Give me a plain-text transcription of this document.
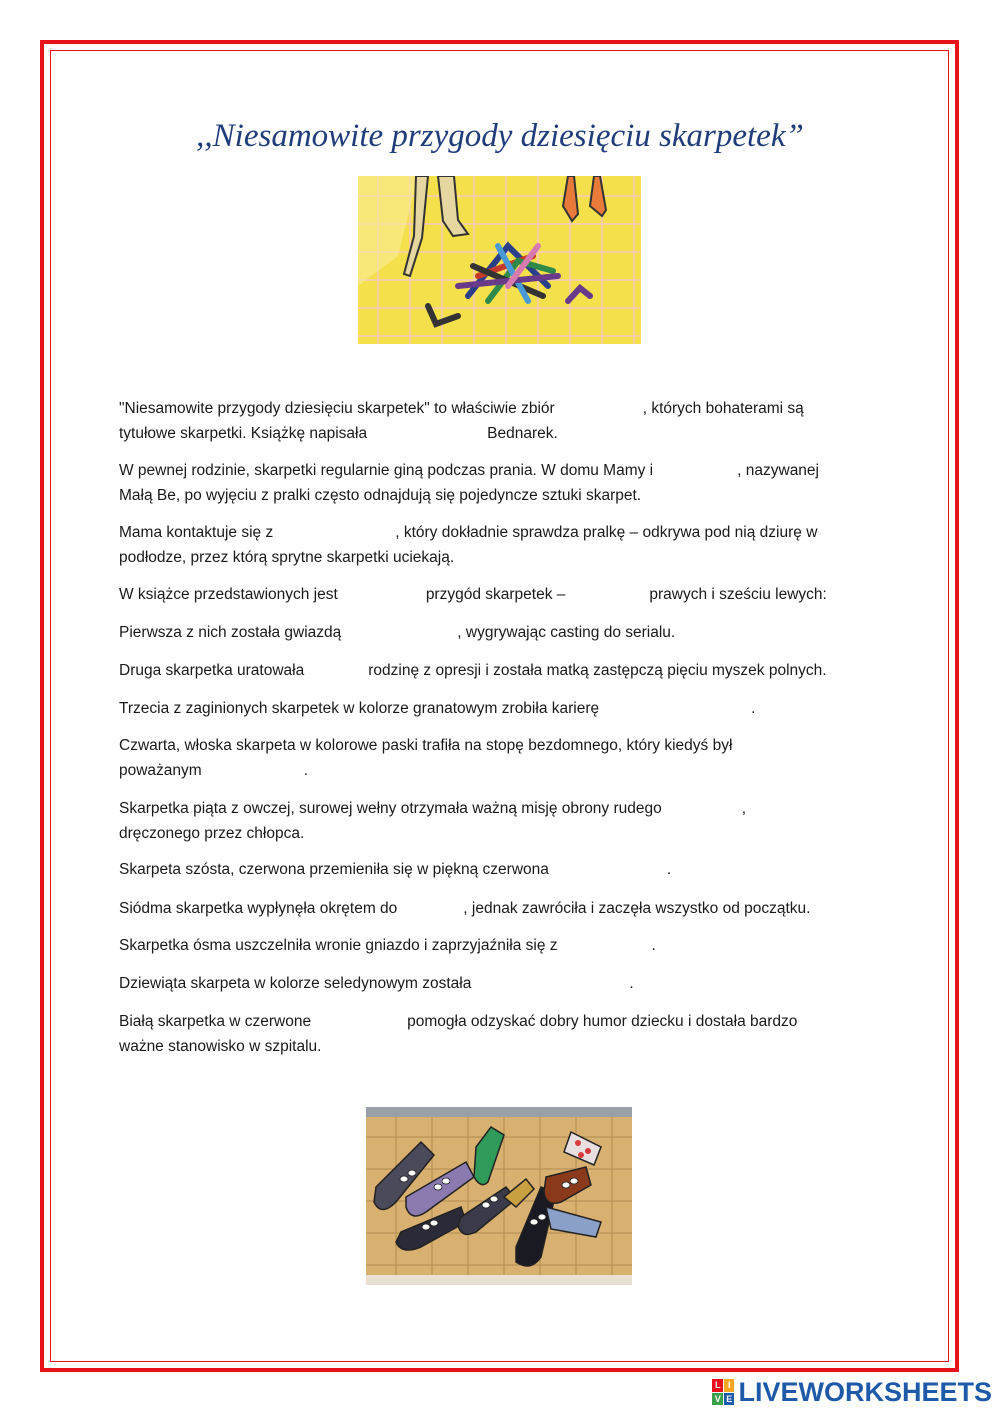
,,Niesamowite przygody dziesięciu skarpetek”
"Niesamowite przygody dziesięciu skarpetek" to właściwie zbiór	, których bohaterami są
tytułowe skarpetki. Książkę napisała	Bednarek.
W pewnej rodzinie, skarpetki regularnie giną podczas prania. W domu Mamy i	, nazywanej
Małą Be, po wyjęciu z pralki często odnajdują się pojedyncze sztuki skarpet.
Mama kontaktuje się z	, który dokładnie sprawdza pralkę – odkrywa pod nią dziurę w
podłodze, przez którą sprytne skarpetki uciekają.
W książce przedstawionych jest	przygód skarpetek –	prawych i sześciu lewych:
Pierwsza z nich została gwiazdą	, wygrywając casting do serialu.
Druga skarpetka uratowała	rodzinę z opresji i została matką zastępczą pięciu myszek polnych.
Trzecia z zaginionych skarpetek w kolorze granatowym zrobiła karierę	.
Czwarta, włoska skarpeta w kolorowe paski trafiła na stopę bezdomnego, który kiedyś był
poważanym	.
Skarpetka piąta z owczej, surowej wełny otrzymała ważną misję obrony rudego	,
dręczonego przez chłopca.
Skarpeta szósta, czerwona przemieniła się w piękną czerwona	.
Siódma skarpetka wypłynęła okrętem do	, jednak zawróciła i zaczęła wszystko od początku.
Skarpetka ósma uszczelniła wronie gniazdo i zaprzyjaźniła się z	.
Dziewiąta skarpeta w kolorze seledynowym została	.
Białą skarpetka w czerwone	pomogła odzyskać dobry humor dziecku i dostała bardzo
ważne stanowisko w szpitalu.
L I
V E LIVEWORKSHEETS
